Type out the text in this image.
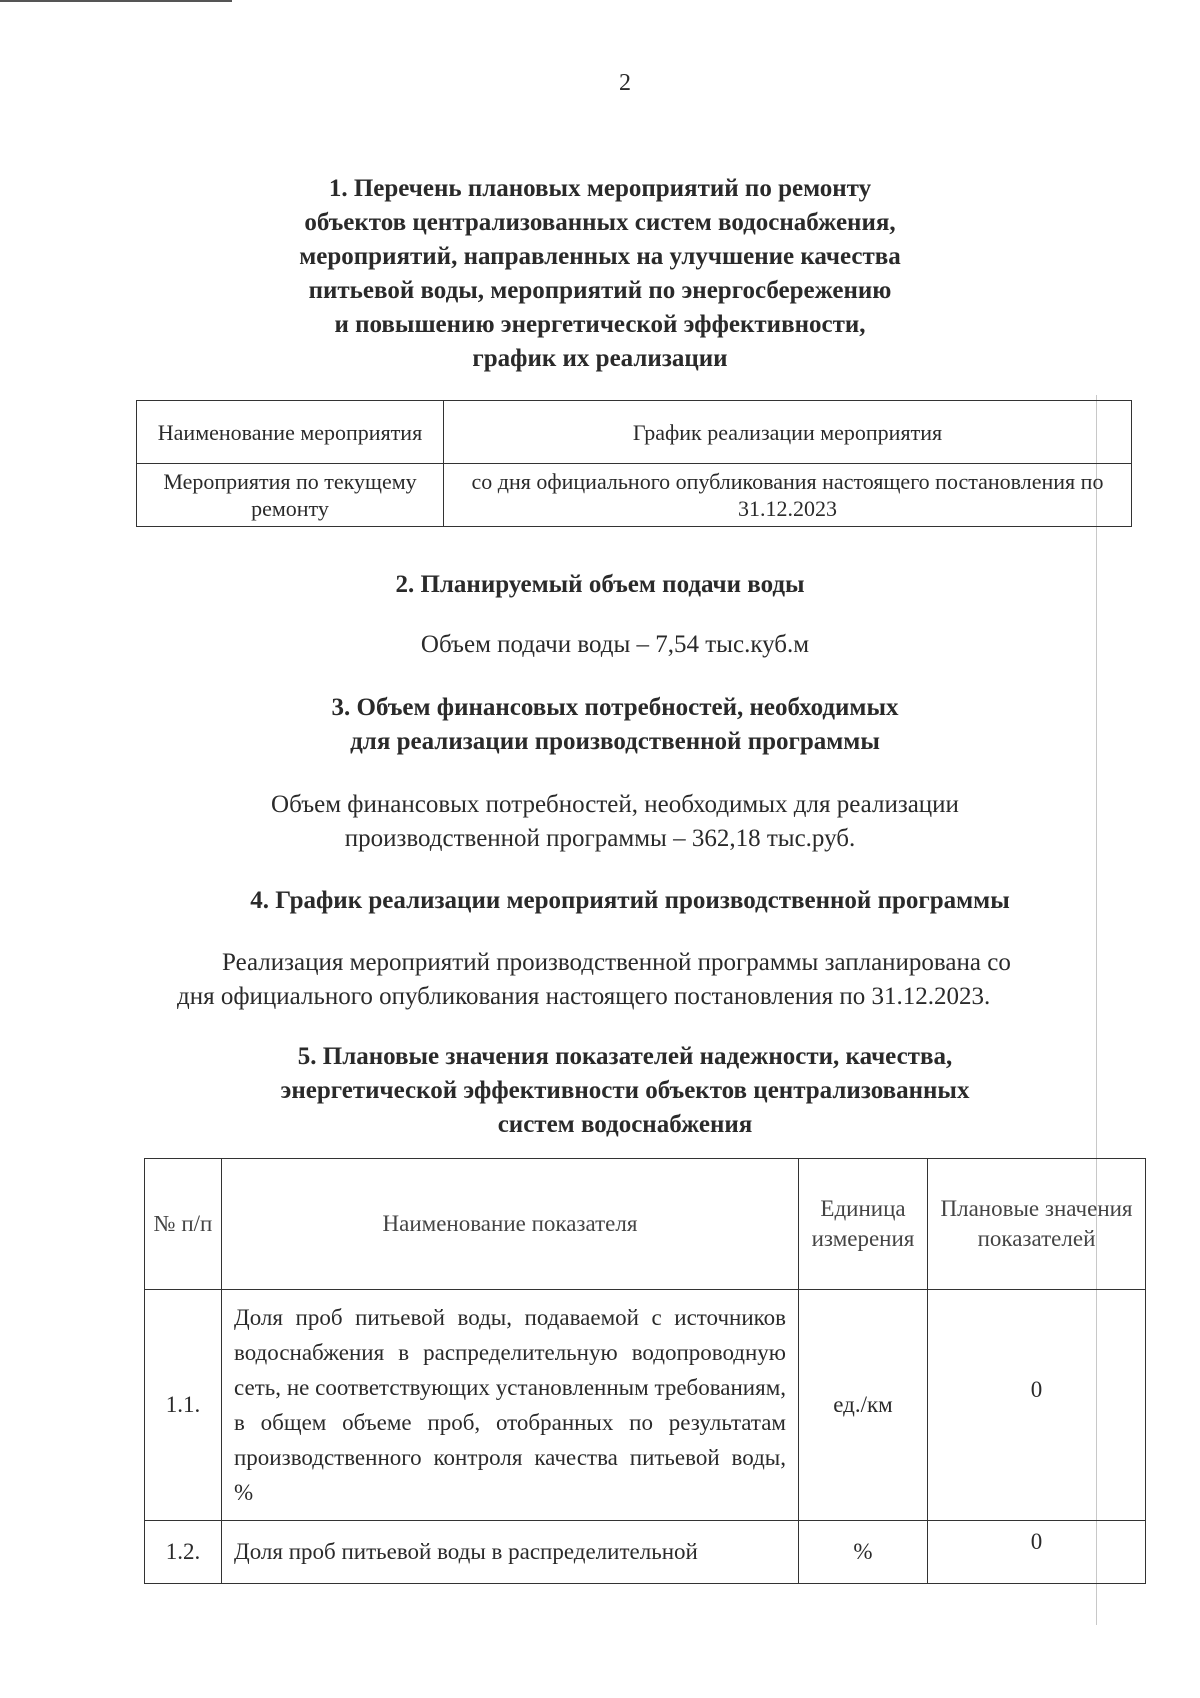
2
1. Перечень плановых мероприятий по ремонту
объектов централизованных систем водоснабжения,
мероприятий, направленных на улучшение качества
питьевой воды, мероприятий по энергосбережению
и повышению энергетической эффективности,
график их реализации
Наименование мероприятия	График реализации мероприятия
Мероприятия по текущему ремонту	со дня официального опубликования настоящего постановления по 31.12.2023
2. Планируемый объем подачи воды
Объем подачи воды – 7,54 тыс.куб.м
3. Объем финансовых потребностей, необходимых
для реализации производственной программы
Объем финансовых потребностей, необходимых для реализации
производственной программы – 362,18 тыс.руб.
4. График реализации мероприятий производственной программы
Реализация мероприятий производственной программы запланирована со
дня официального опубликования настоящего постановления по 31.12.2023.
5. Плановые значения показателей надежности, качества,
энергетической эффективности объектов централизованных
систем водоснабжения
№ п/п	Наименование показателя	Единица измерения	Плановые значения показателей
1.1.	Доля проб питьевой воды, подаваемой с источников водоснабжения в распределительную водопроводную сеть, не соответствующих установленным требованиям, в общем объеме проб, отобранных по результатам производственного контроля качества питьевой воды, %	ед./км	0
1.2.	Доля проб питьевой воды в распределительной	%	0
